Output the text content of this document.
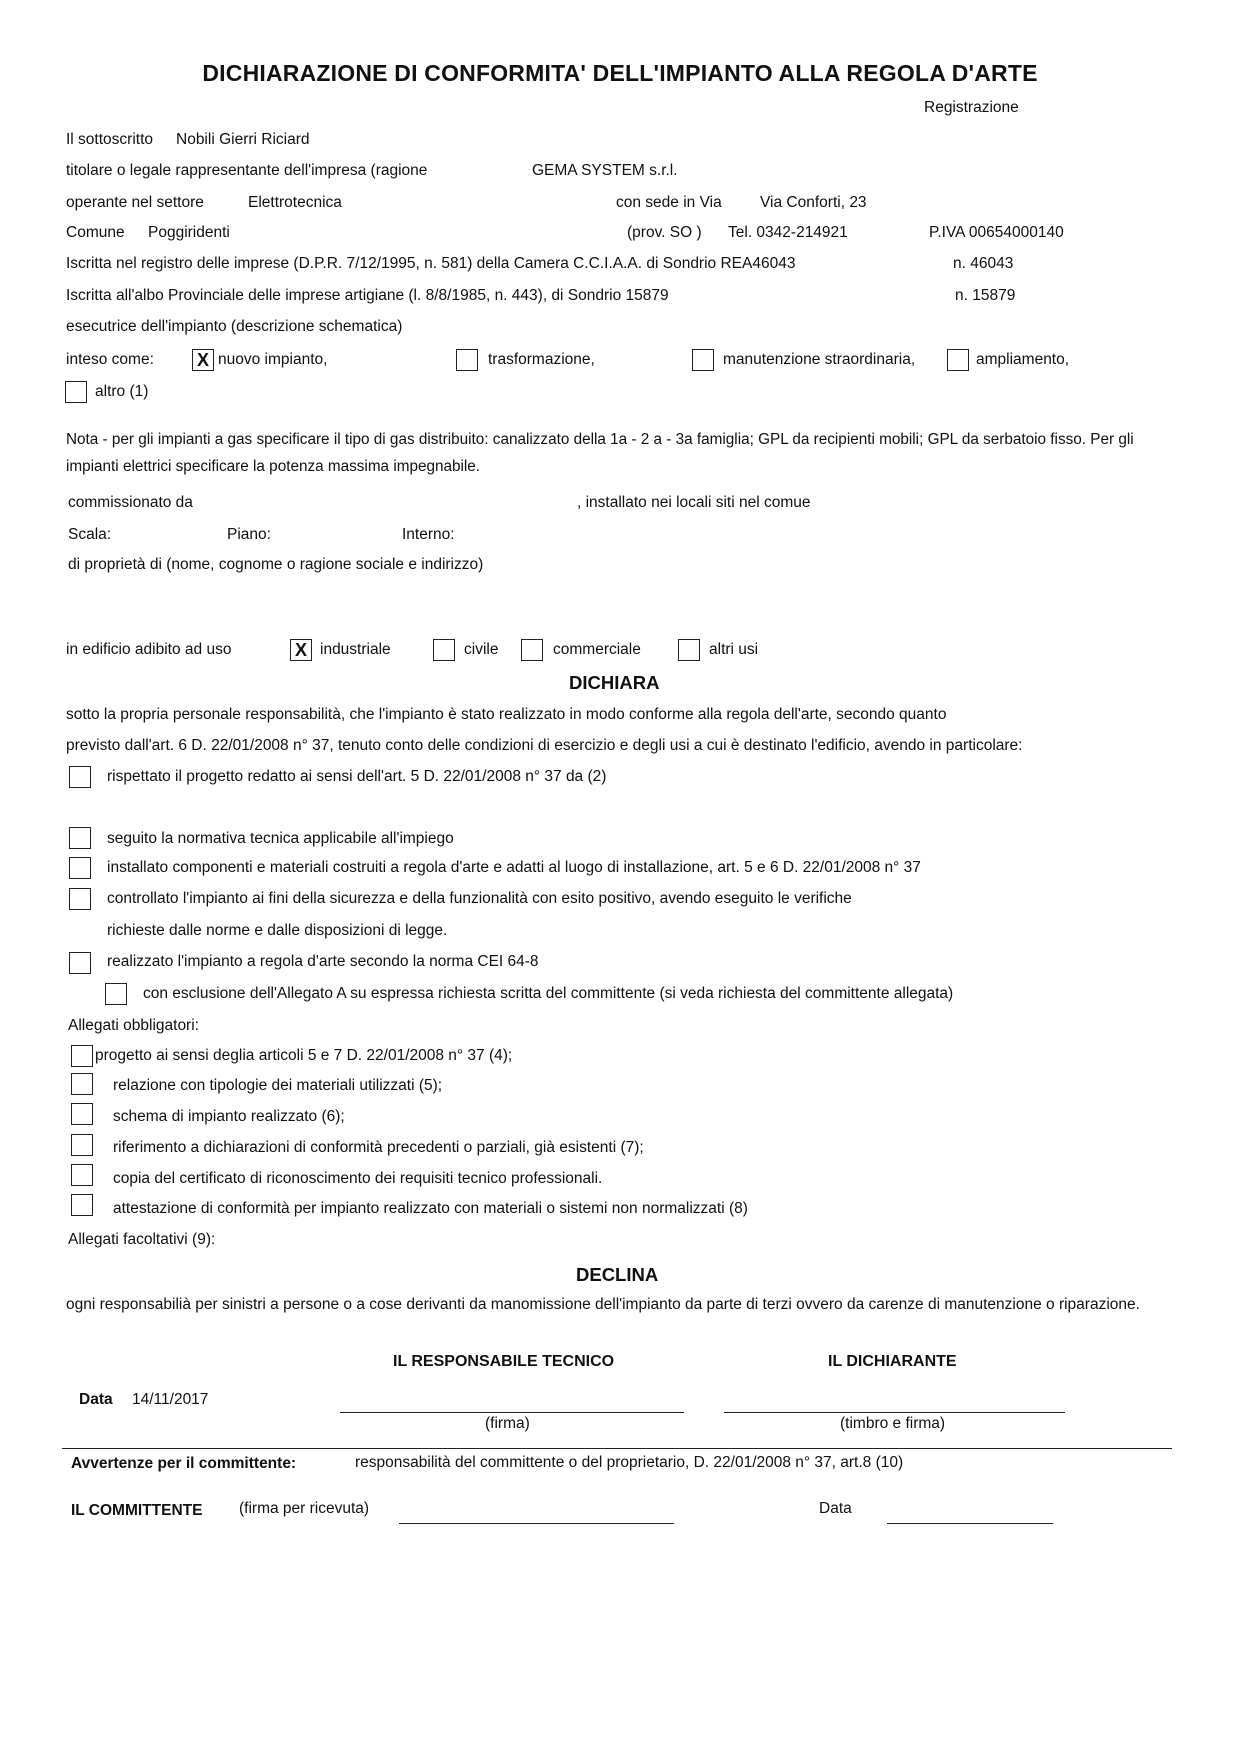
DICHIARAZIONE DI CONFORMITA' DELL'IMPIANTO ALLA REGOLA D'ARTE
Registrazione
Il sottoscritto Nobili Gierri Riciard
titolare o legale rappresentante dell'impresa (ragione	GEMA SYSTEM s.r.l.
operante nel settore	Elettrotecnica	con sede in Via Via Conforti, 23
Comune Poggiridenti	(prov. SO ) Tel. 0342-214921	P.IVA 00654000140
Iscritta nel registro delle imprese (D.P.R. 7/12/1995, n. 581) della Camera C.C.I.A.A. di Sondrio REA46043	n. 46043
Iscritta all'albo Provinciale delle imprese artigiane (l. 8/8/1985, n. 443), di Sondrio 15879	n. 15879
esecutrice dell'impianto (descrizione schematica)
inteso come: X nuovo impianto,	trasformazione,	manutenzione straordinaria,	ampliamento,
altro (1)
Nota - per gli impianti a gas specificare il tipo di gas distribuito: canalizzato della 1a - 2 a - 3a famiglia; GPL da recipienti mobili; GPL da serbatoio fisso. Per gli impianti elettrici specificare la potenza massima impegnabile.
commissionato da	, installato nei locali siti nel comue
Scala:	Piano:	Interno:
di proprietà di (nome, cognome o ragione sociale e indirizzo)
in edificio adibito ad uso	X industriale	civile	commerciale	altri usi
DICHIARA
sotto la propria personale responsabilità, che l'impianto è stato realizzato in modo conforme alla regola dell'arte, secondo quanto
previsto dall'art. 6 D. 22/01/2008 n° 37, tenuto conto delle condizioni di esercizio e degli usi a cui è destinato l'edificio, avendo in particolare:
rispettato il progetto redatto ai sensi dell'art. 5 D. 22/01/2008 n° 37 da (2)
seguito la normativa tecnica applicabile all'impiego
installato componenti e materiali costruiti a regola d'arte e adatti al luogo di installazione, art. 5 e 6 D. 22/01/2008 n° 37
controllato l'impianto ai fini della sicurezza e della funzionalità con esito positivo, avendo eseguito le verifiche
richieste dalle norme e dalle disposizioni di legge.
realizzato l'impianto a regola d'arte secondo la norma CEI 64-8
con esclusione dell'Allegato A su espressa richiesta scritta del committente (si veda richiesta del committente allegata)
Allegati obbligatori:
progetto ai sensi deglia articoli 5 e 7 D. 22/01/2008 n° 37 (4);
relazione con tipologie dei materiali utilizzati (5);
schema di impianto realizzato (6);
riferimento a dichiarazioni di conformità precedenti o parziali, già esistenti (7);
copia del certificato di riconoscimento dei requisiti tecnico professionali.
attestazione di conformità per impianto realizzato con materiali o sistemi non normalizzati (8)
Allegati facoltativi (9):
DECLINA
ogni responsabilià per sinistri a persone o a cose derivanti da manomissione dell'impianto da parte di terzi ovvero da carenze di manutenzione o riparazione.
IL RESPONSABILE TECNICO	IL DICHIARANTE
Data 14/11/2017
(firma)	(timbro e firma)
Avvertenze per il committente:	responsabilità del committente o del proprietario, D. 22/01/2008 n° 37, art.8 (10)
IL COMMITTENTE (firma per ricevuta)	Data
